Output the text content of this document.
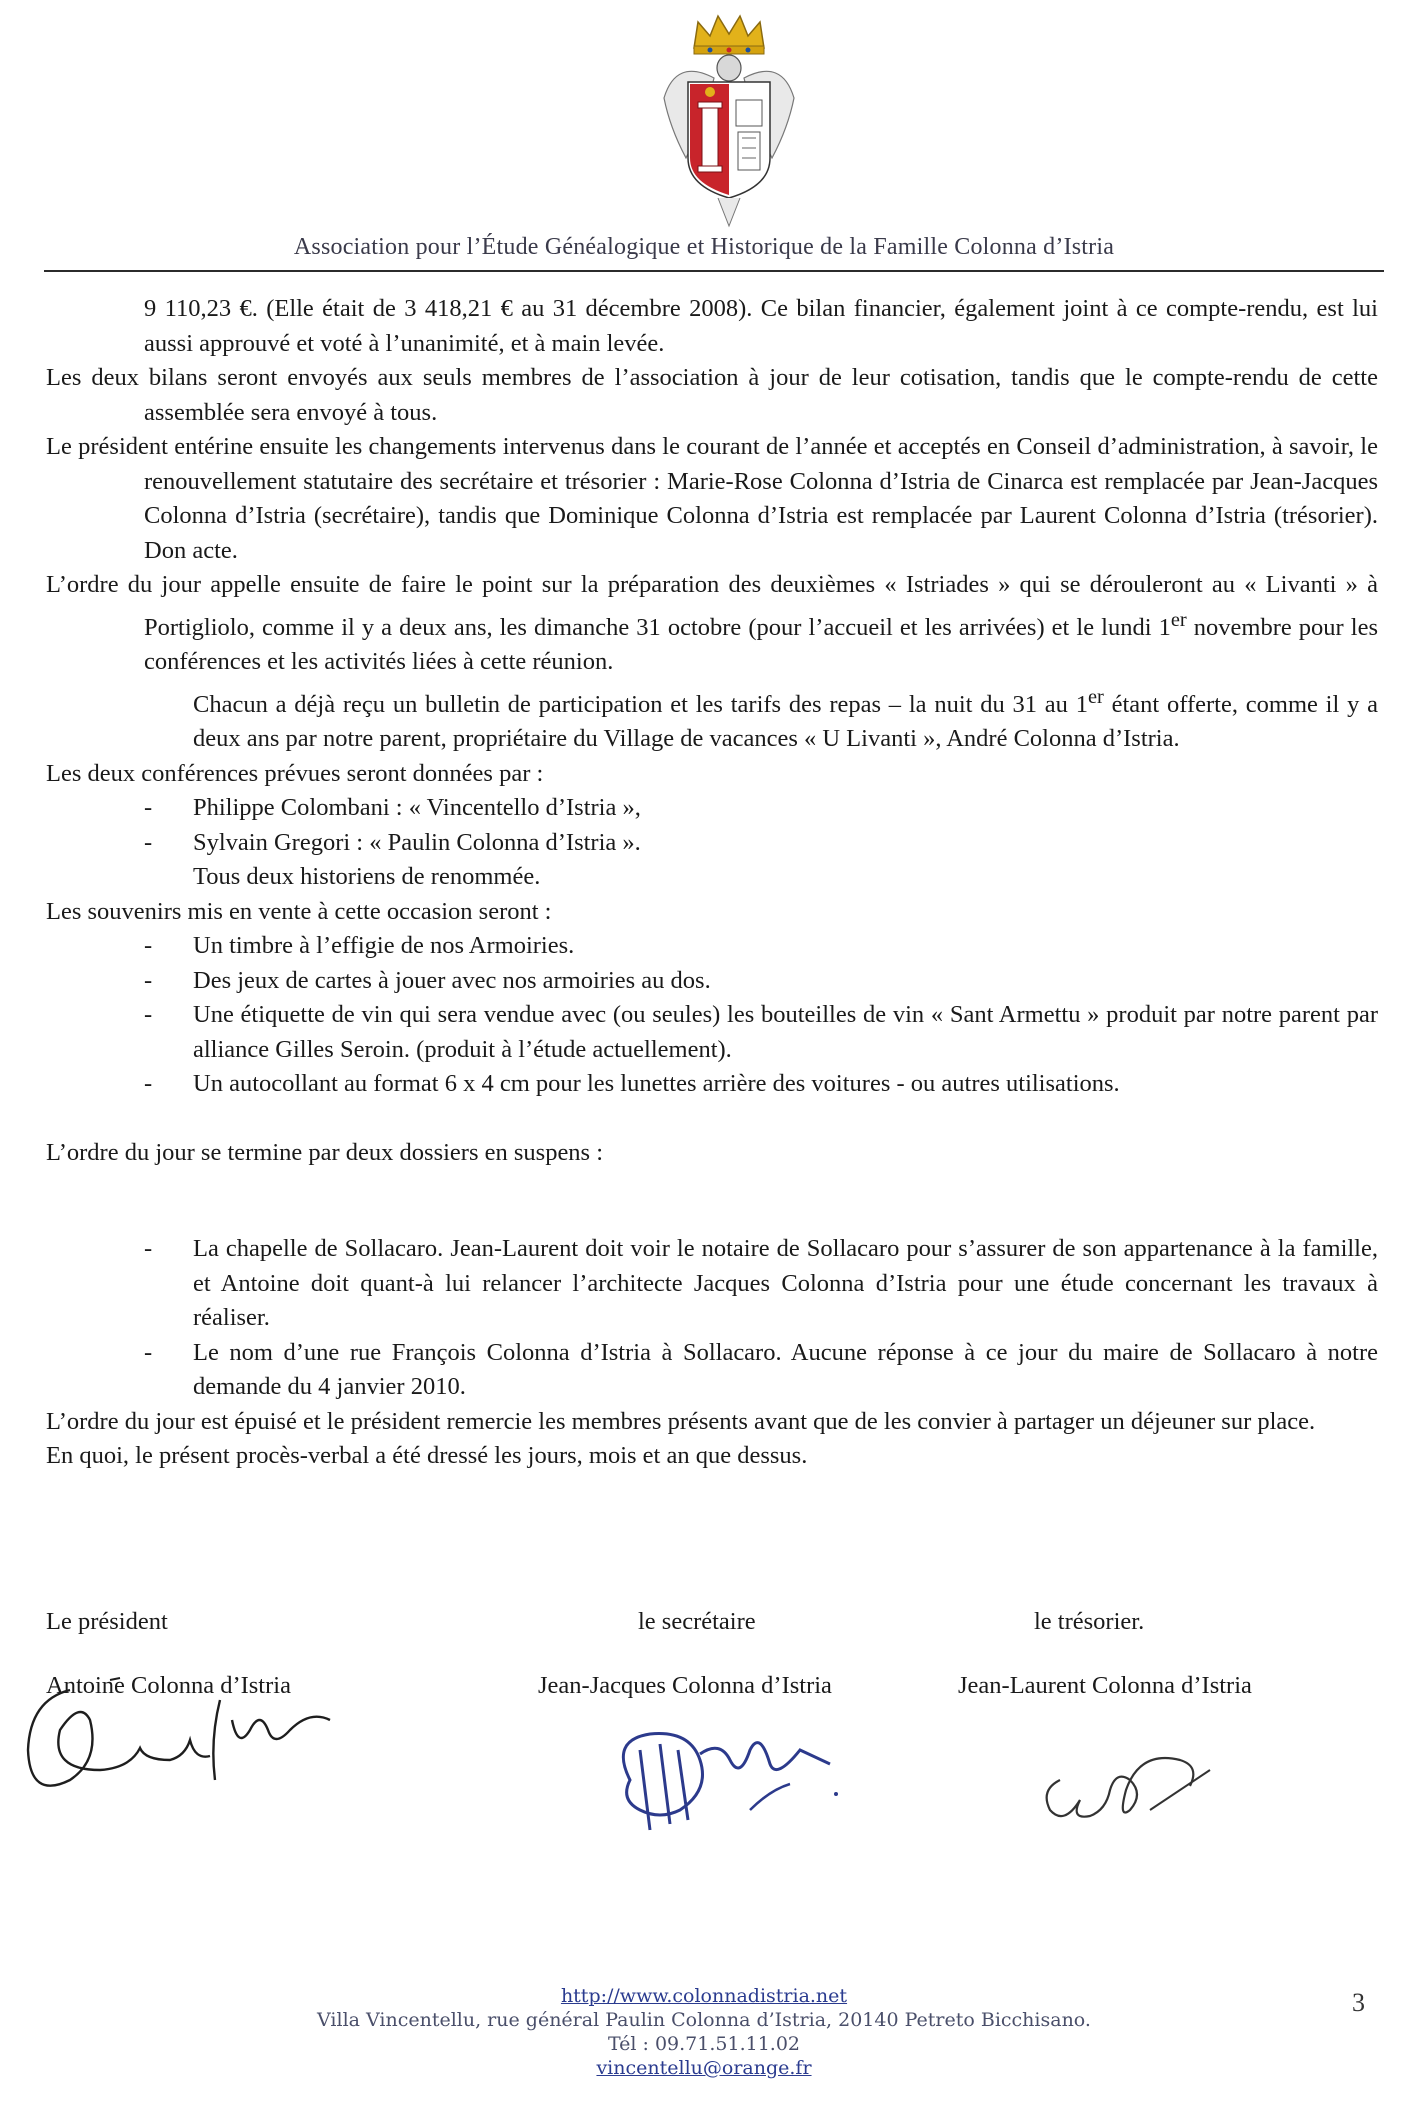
Association pour l’Étude Généalogique et Historique de la Famille Colonna d’Istria

9 110,23 €. (Elle était de 3 418,21 € au 31 décembre 2008). Ce bilan financier, également joint à ce compte-rendu, est lui aussi approuvé et voté à l’unanimité, et à main levée.

Les deux bilans seront envoyés aux seuls membres de l’association à jour de leur cotisation, tandis que le compte-rendu de cette assemblée sera envoyé à tous.

Le président entérine ensuite les changements intervenus dans le courant de l’année et acceptés en Conseil d’administration, à savoir, le renouvellement statutaire des secrétaire et trésorier : Marie-Rose Colonna d’Istria de Cinarca est remplacée par Jean-Jacques Colonna d’Istria (secrétaire), tandis que Dominique Colonna d’Istria est remplacée par Laurent Colonna d’Istria (trésorier). Don acte.

L’ordre du jour appelle ensuite de faire le point sur la préparation des deuxièmes « Istriades » qui se dérouleront au « Livanti » à Portigliolo, comme il y a deux ans, les dimanche 31 octobre (pour l’accueil et les arrivées) et le lundi 1er novembre pour les conférences et les activités liées à cette réunion.

Chacun a déjà reçu un bulletin de participation et les tarifs des repas – la nuit du 31 au 1er étant offerte, comme il y a deux ans par notre parent, propriétaire du Village de vacances « U Livanti », André Colonna d’Istria.

Les deux conférences prévues seront données par :

- Philippe Colombani : « Vincentello d’Istria »,
- Sylvain Gregori : « Paulin Colonna d’Istria ».

Tous deux historiens de renommée.

Les souvenirs mis en vente à cette occasion seront :

- Un timbre à l’effigie de nos Armoiries.
- Des jeux de cartes à jouer avec nos armoiries au dos.
- Une étiquette de vin qui sera vendue avec (ou seules) les bouteilles de vin « Sant Armettu » produit par notre parent par alliance Gilles Seroin. (produit à l’étude actuellement).
- Un autocollant au format 6 x 4 cm pour les lunettes arrière des voitures - ou autres utilisations.

L’ordre du jour se termine par deux dossiers en suspens :

- La chapelle de Sollacaro. Jean-Laurent doit voir le notaire de Sollacaro pour s’assurer de son appartenance à la famille, et Antoine doit quant-à lui relancer l’architecte Jacques Colonna d’Istria pour une étude concernant les travaux à réaliser.
- Le nom d’une rue François Colonna d’Istria à Sollacaro. Aucune réponse à ce jour du maire de Sollacaro à notre demande du 4 janvier 2010.

L’ordre du jour est épuisé et le président remercie les membres présents avant que de les convier à partager un déjeuner sur place.

En quoi, le présent procès-verbal a été dressé les jours, mois et an que dessus.

Le président	le secrétaire	le trésorier.
Antoine Colonna d’Istria	Jean-Jacques Colonna d’Istria	Jean-Laurent Colonna d’Istria
http://www.colonnadistria.net
Villa Vincentellu, rue général Paulin Colonna d’Istria, 20140 Petreto Bicchisano.
Tél : 09.71.51.11.02
vincentellu@orange.fr
3
